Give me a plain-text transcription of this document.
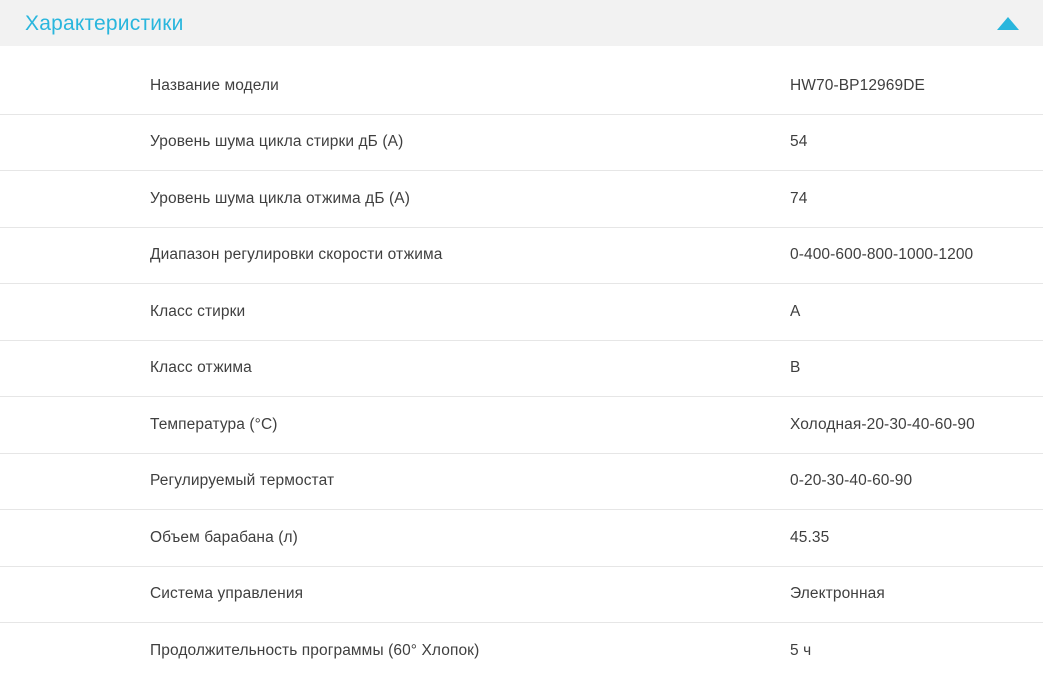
Характеристики
Название модели	HW70-BP12969DE
Уровень шума цикла стирки дБ (А)	54
Уровень шума цикла отжима дБ (А)	74
Диапазон регулировки скорости отжима	0-400-600-800-1000-1200
Класс стирки	A
Класс отжима	B
Температура (°C)	Холодная-20-30-40-60-90
Регулируемый термостат	0-20-30-40-60-90
Объем барабана (л)	45.35
Система управления	Электронная
Продолжительность программы (60° Хлопок)	5 ч
